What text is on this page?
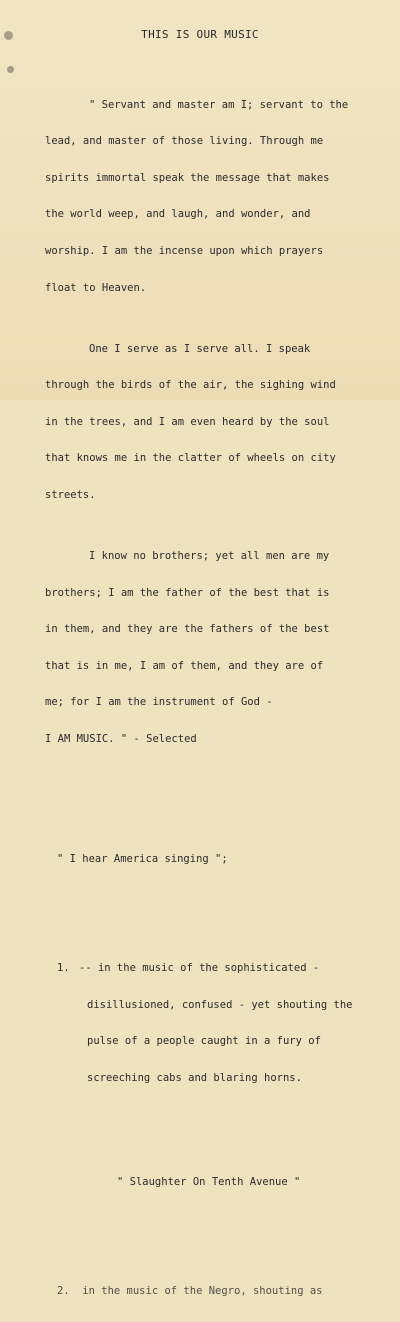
THIS IS OUR MUSIC

" Servant and master am I; servant to the

lead, and master of those living. Through me

spirits immortal speak the message that makes

the world weep, and laugh, and wonder, and

worship. I am the incense upon which prayers

float to Heaven.

One I serve as I serve all. I speak

through the birds of the air, the sighing wind

in the trees, and I am even heard by the soul

that knows me in the clatter of wheels on city

streets.

I know no brothers; yet all men are my

brothers; I am the father of the best that is

in them, and they are the fathers of the best

that is in me, I am of them, and they are of

me; for I am the instrument of God -

I AM MUSIC. " - Selected

" I hear America singing ";

1. -- in the music of the sophisticated -

disillusioned, confused - yet shouting the

pulse of a people caught in a fury of

screeching cabs and blaring horns.

" Slaughter On Tenth Avenue "

2.  in the music of the Negro, shouting as
